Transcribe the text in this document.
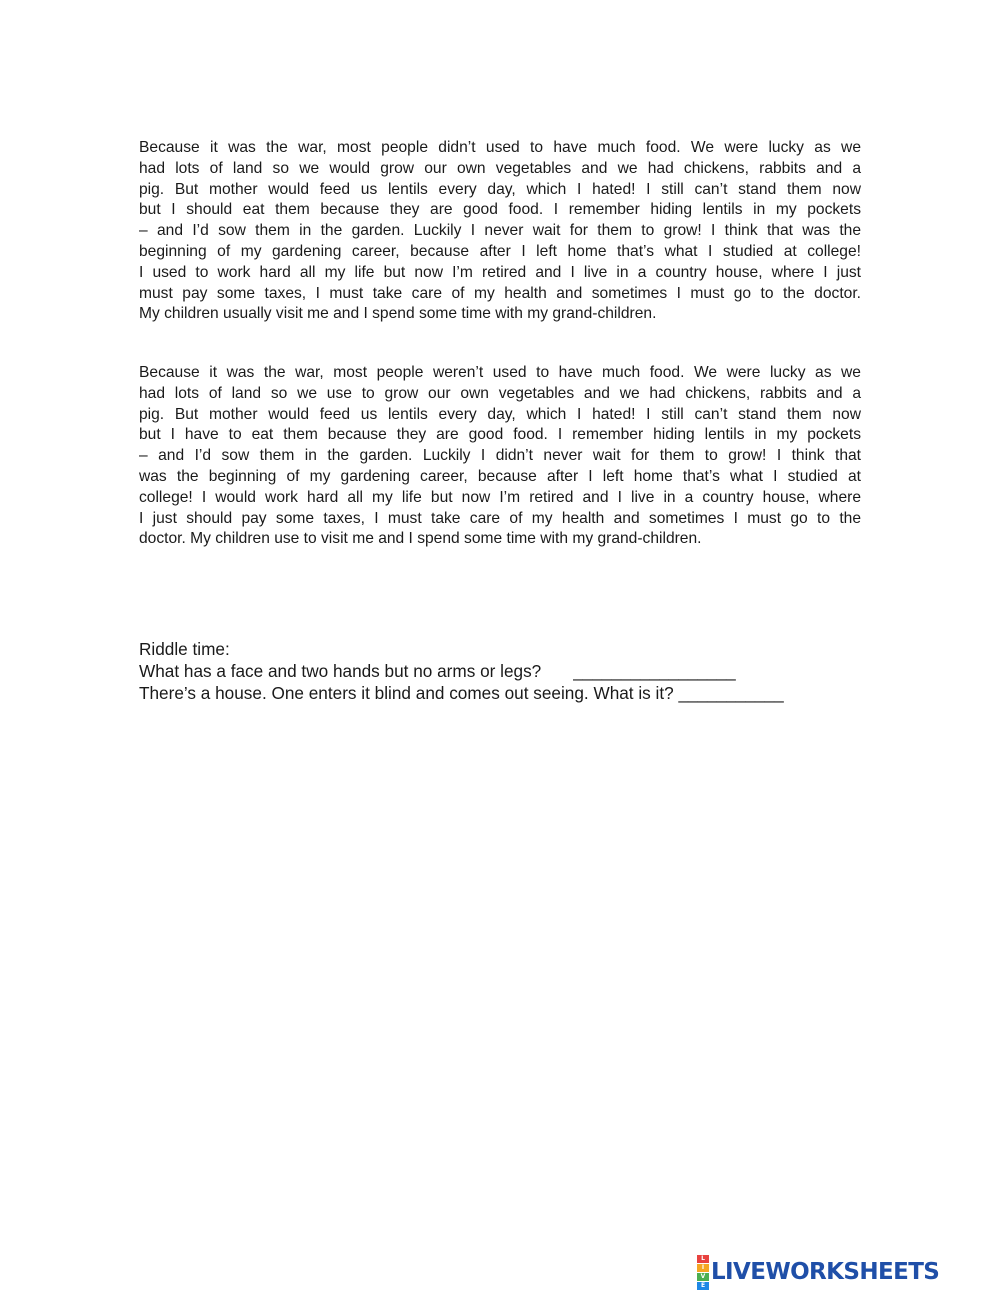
Because it was the war, most people didn’t used to have much food. We were lucky as we
had lots of land so we would grow our own vegetables and we had chickens, rabbits and a
pig. But mother would feed us lentils every day, which I hated! I still can’t stand them now
but I should eat them because they are good food. I remember hiding lentils in my pockets
– and I’d sow them in the garden. Luckily I never wait for them to grow! I think that was the
beginning of my gardening career, because after I left home that’s what I studied at college!
I used to work hard all my life but now I’m retired and I live in a country house, where I just
must pay some taxes, I must take care of my health and sometimes I must go to the doctor.
My children usually visit me and I spend some time with my grand-children.
Because it was the war, most people weren’t used to have much food. We were lucky as we
had lots of land so we use to grow our own vegetables and we had chickens, rabbits and a
pig. But mother would feed us lentils every day, which I hated! I still can’t stand them now
but I have to eat them because they are good food. I remember hiding lentils in my pockets
– and I’d sow them in the garden. Luckily I didn’t never wait for them to grow! I think that
was the beginning of my gardening career, because after I left home that’s what I studied at
college! I would work hard all my life but now I’m retired and I live in a country house, where
I just should pay some taxes, I must take care of my health and sometimes I must go to the
doctor. My children use to visit me and I spend some time with my grand-children.
Riddle time:
What has a face and two hands but no arms or legs? _________________
There’s a house. One enters it blind and comes out seeing. What is it? ___________
L
I
V
E LIVEWORKSHEETS
